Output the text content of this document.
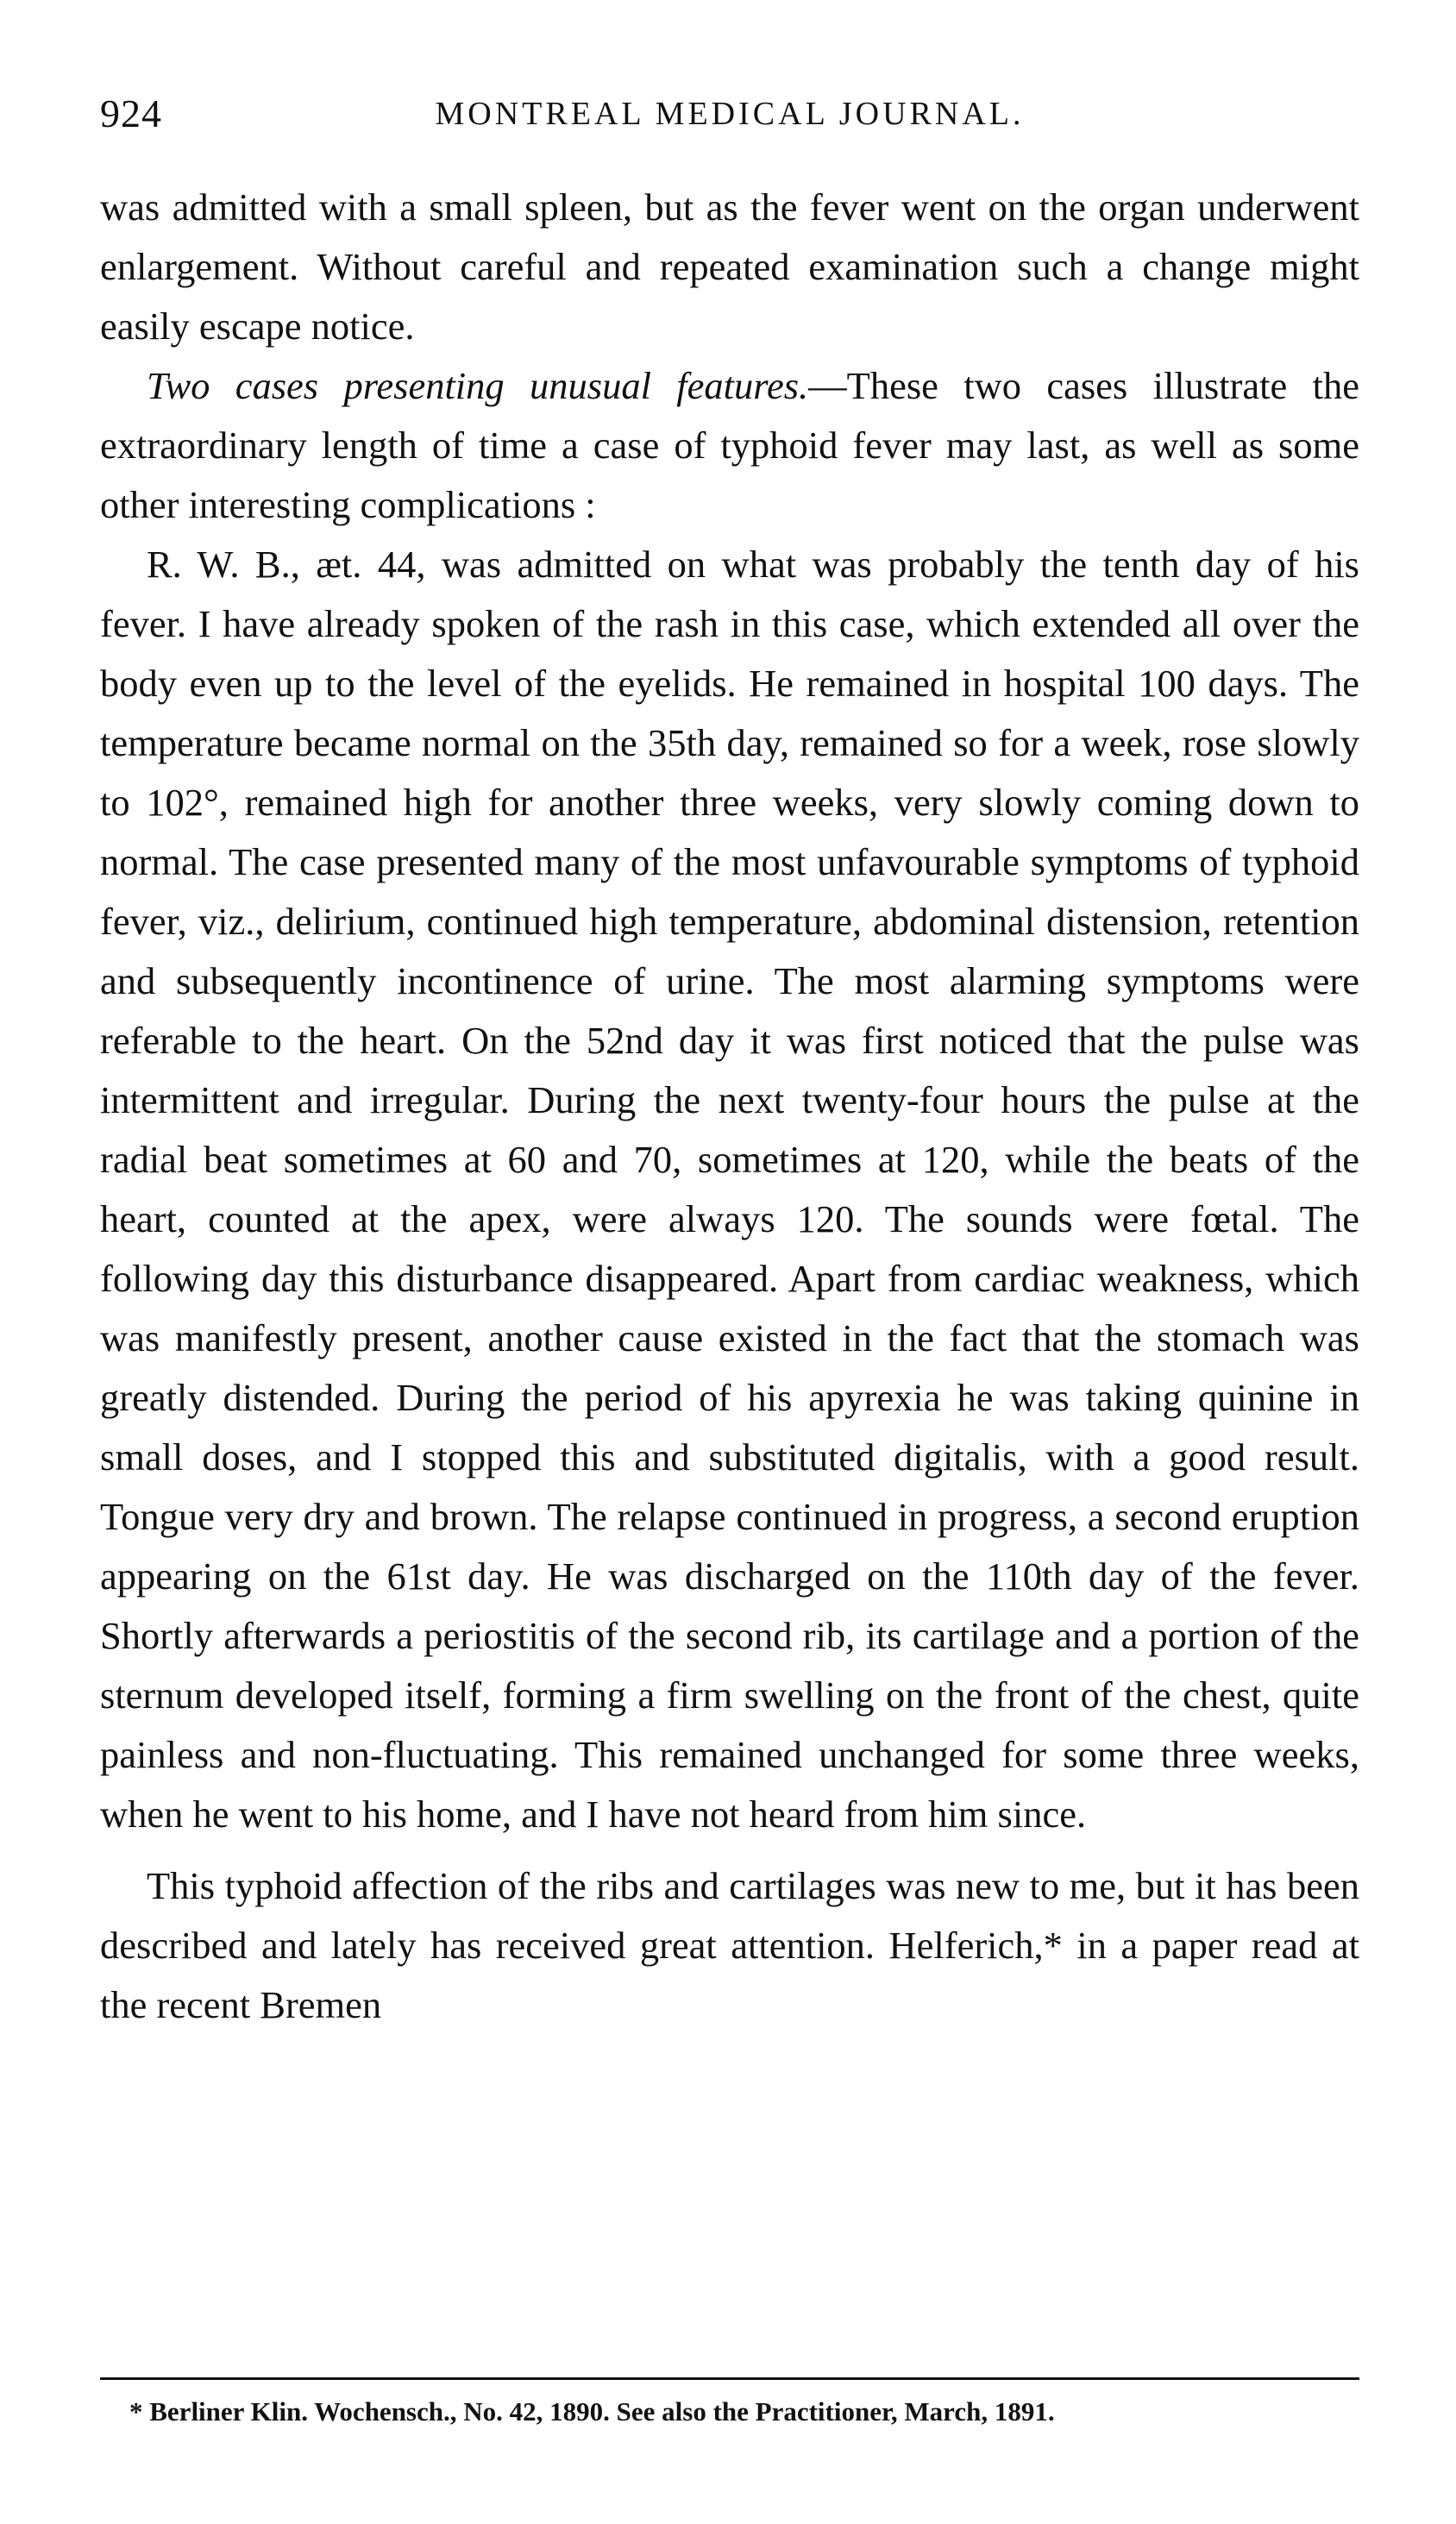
924	MONTREAL MEDICAL JOURNAL.

was admitted with a small spleen, but as the fever went on the organ underwent enlargement. Without careful and repeated examination such a change might easily escape notice.

Two cases presenting unusual features.—These two cases illustrate the extraordinary length of time a case of typhoid fever may last, as well as some other interesting complications :

R. W. B., æt. 44, was admitted on what was probably the tenth day of his fever. I have already spoken of the rash in this case, which extended all over the body even up to the level of the eyelids. He remained in hospital 100 days. The temperature became normal on the 35th day, remained so for a week, rose slowly to 102°, remained high for another three weeks, very slowly coming down to normal. The case presented many of the most unfavourable symptoms of typhoid fever, viz., delirium, continued high temperature, abdominal distension, retention and subsequently incontinence of urine. The most alarming symptoms were referable to the heart. On the 52nd day it was first noticed that the pulse was intermittent and irregular. During the next twenty-four hours the pulse at the radial beat sometimes at 60 and 70, sometimes at 120, while the beats of the heart, counted at the apex, were always 120. The sounds were fœtal. The following day this disturbance disappeared. Apart from cardiac weakness, which was manifestly present, another cause existed in the fact that the stomach was greatly distended. During the period of his apyrexia he was taking quinine in small doses, and I stopped this and substituted digitalis, with a good result. Tongue very dry and brown. The relapse continued in progress, a second eruption appearing on the 61st day. He was discharged on the 110th day of the fever. Shortly afterwards a periostitis of the second rib, its cartilage and a portion of the sternum developed itself, forming a firm swelling on the front of the chest, quite painless and non-fluctuating. This remained unchanged for some three weeks, when he went to his home, and I have not heard from him since.

This typhoid affection of the ribs and cartilages was new to me, but it has been described and lately has received great attention. Helferich,* in a paper read at the recent Bremen

* Berliner Klin. Wochensch., No. 42, 1890. See also the Practitioner, March, 1891.
